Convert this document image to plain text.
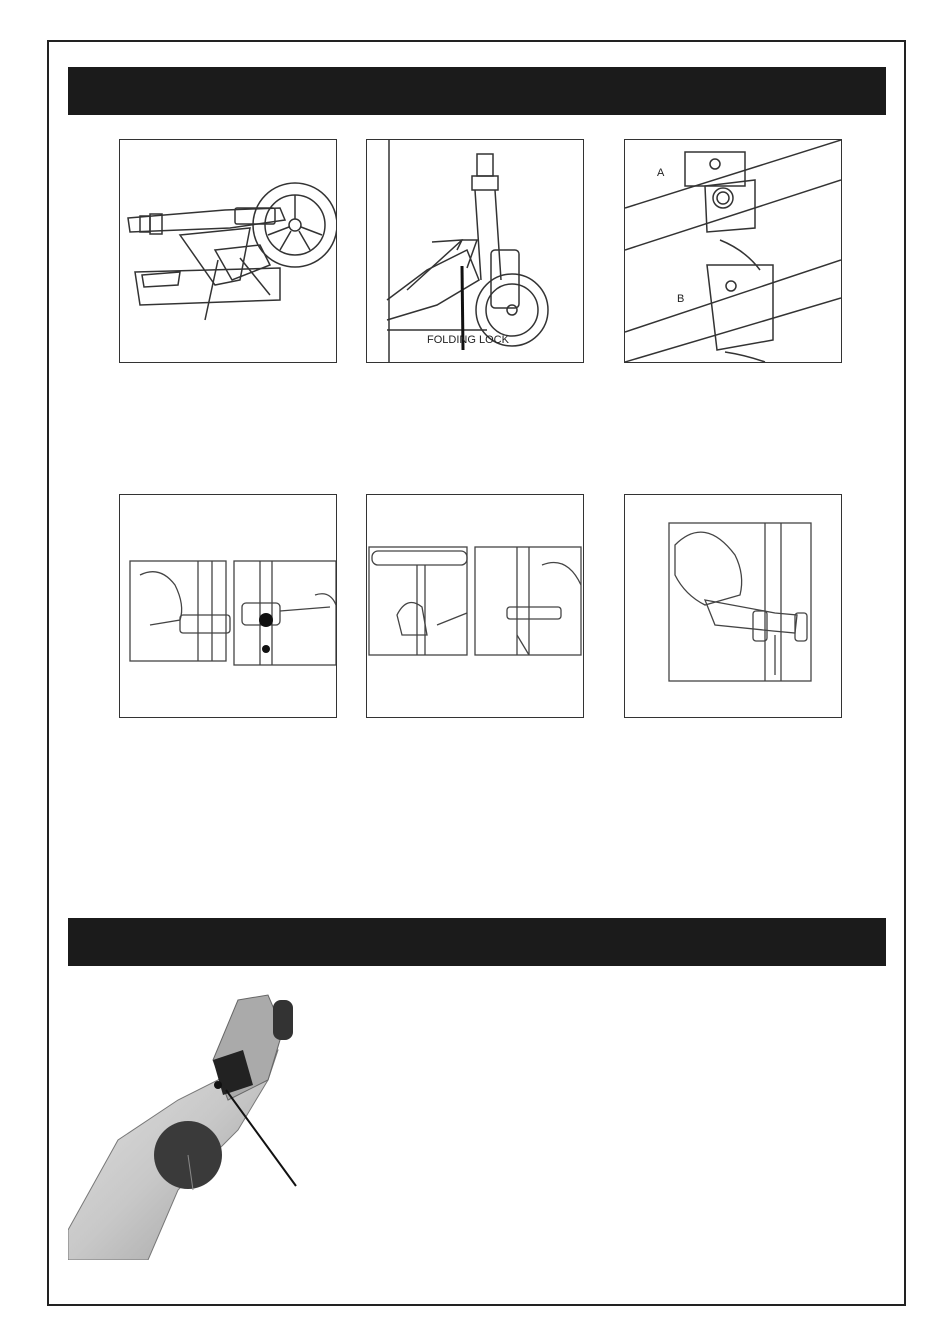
FOLDING LOCK
A
B
